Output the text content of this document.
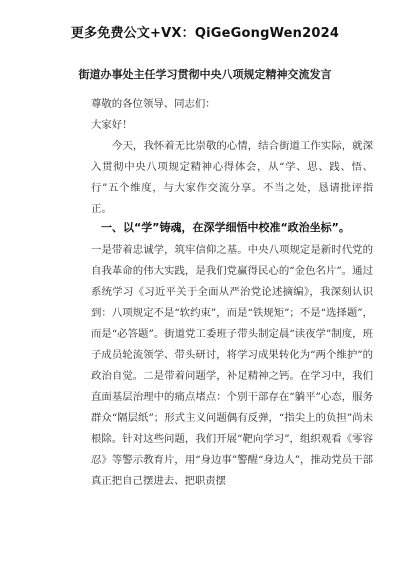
更多免费公文+VX：QiGeGongWen2024
街道办事处主任学习贯彻中央八项规定精神交流发言
尊敬的各位领导、同志们：
大家好！
今天，我怀着无比崇敬的心情，结合街道工作实际，就深入贯彻中央八项规定精神心得体会，从“学、思、践、悟、行”五个维度，与大家作交流分享。不当之处，恳请批评指正。
一、以“学”铸魂，在深学细悟中校准“政治坐标”。
一是带着忠诚学，筑牢信仰之基。中央八项规定是新时代党的自我革命的伟大实践，是我们党赢得民心的“金色名片”。通过系统学习《习近平关于全面从严治党论述摘编》，我深刻认识到：八项规定不是“软约束”，而是“铁规矩”；不是“选择题”，而是“必答题”。街道党工委班子带头制定晨“读夜学”制度，班子成员轮流领学、带头研讨，将学习成果转化为“两个维护”的政治自觉。二是带着问题学，补足精神之钙。在学习中，我们直面基层治理中的痛点堵点：个别干部存在“躺平”心态，服务群众“隔层纸”；形式主义问题偶有反弹，“指尖上的负担”尚未根除。针对这些问题，我们开展“靶向学习”，组织观看《零容忍》等警示教育片，用“身边事”警醒“身边人”，推动党员干部真正把自己摆进去、把职责摆
